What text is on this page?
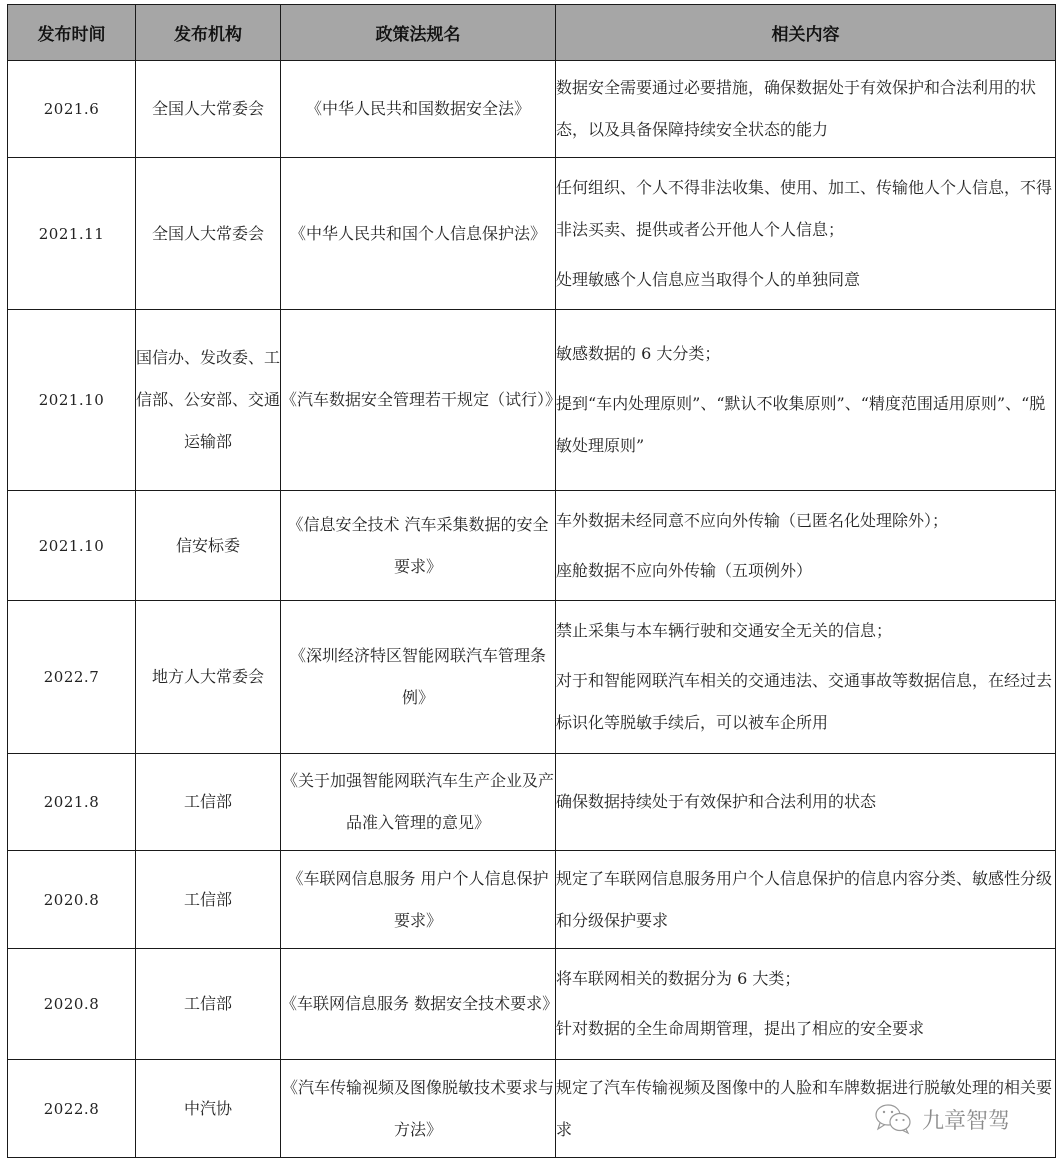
发布时间	发布机构	政策法规名	相关内容
2021.6	全国人大常委会	《中华人民共和国数据安全法》	数据安全需要通过必要措施，确保数据处于有效保护和合法利用的状态，以及具备保障持续安全状态的能力

2021.11	全国人大常委会	《中华人民共和国个人信息保护法》	任何组织、个人不得非法收集、使用、加工、传输他人个人信息，不得非法买卖、提供或者公开他人个人信息；

处理敏感个人信息应当取得个人的单独同意

2021.10	国信办、发改委、工信部、公安部、交通运输部	《汽车数据安全管理若干规定（试行）》	敏感数据的 6 大分类；

提到“车内处理原则”、“默认不收集原则”、“精度范围适用原则”、“脱敏处理原则”

2021.10	信安标委	《信息安全技术 汽车采集数据的安全要求》	车外数据未经同意不应向外传输（已匿名化处理除外）；

座舱数据不应向外传输（五项例外）

2022.7	地方人大常委会	《深圳经济特区智能网联汽车管理条例》	禁止采集与本车辆行驶和交通安全无关的信息；

对于和智能网联汽车相关的交通违法、交通事故等数据信息，在经过去标识化等脱敏手续后，可以被车企所用

2021.8	工信部	《关于加强智能网联汽车生产企业及产品准入管理的意见》	确保数据持续处于有效保护和合法利用的状态

2020.8	工信部	《车联网信息服务 用户个人信息保护要求》	规定了车联网信息服务用户个人信息保护的信息内容分类、敏感性分级和分级保护要求

2020.8	工信部	《车联网信息服务 数据安全技术要求》	将车联网相关的数据分为 6 大类；

针对数据的全生命周期管理，提出了相应的安全要求

2022.8	中汽协	《汽车传输视频及图像脱敏技术要求与方法》	规定了汽车传输视频及图像中的人脸和车牌数据进行脱敏处理的相关要求	九章智驾
